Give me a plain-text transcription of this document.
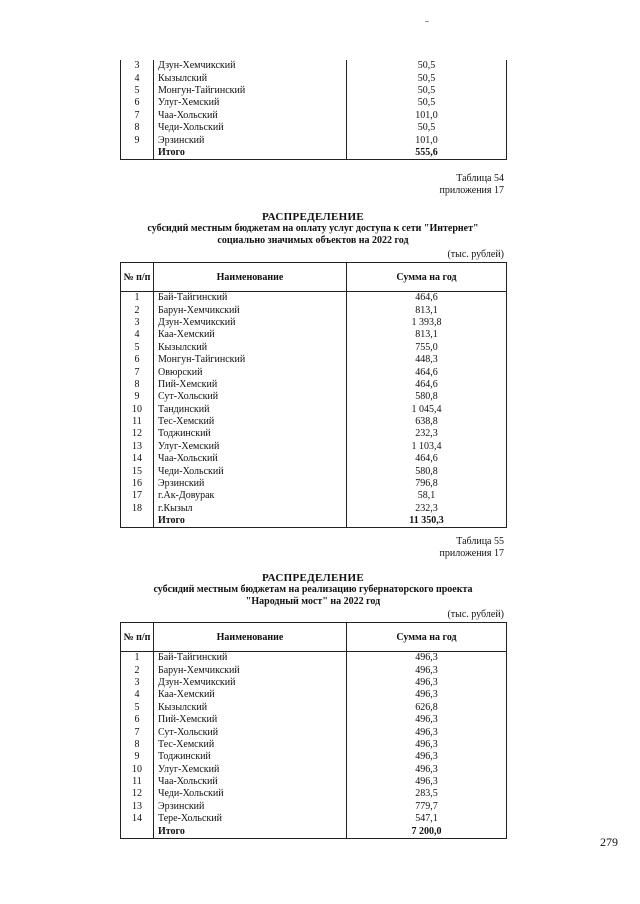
3	Дзун-Хемчикский	50,5
4	Кызылский	50,5
5	Монгун-Тайгинский	50,5
6	Улуг-Хемский	50,5
7	Чаа-Хольский	101,0
8	Чеди-Хольский	50,5
9	Эрзинский	101,0
	Итого	555,6
Таблица 54
приложения 17
РАСПРЕДЕЛЕНИЕ
субсидий местным бюджетам на оплату услуг доступа к сети "Интернет"
социально значимых объектов на 2022 год
(тыс. рублей)
№ п/п	Наименование	Сумма на год
1	Бай-Тайгинский	464,6
2	Барун-Хемчикский	813,1
3	Дзун-Хемчикский	1 393,8
4	Каа-Хемский	813,1
5	Кызылский	755,0
6	Монгун-Тайгинский	448,3
7	Овюрский	464,6
8	Пий-Хемский	464,6
9	Сут-Хольский	580,8
10	Тандинский	1 045,4
11	Тес-Хемский	638,8
12	Тоджинский	232,3
13	Улуг-Хемский	1 103,4
14	Чаа-Хольский	464,6
15	Чеди-Хольский	580,8
16	Эрзинский	796,8
17	г.Ак-Довурак	58,1
18	г.Кызыл	232,3
	Итого	11 350,3
Таблица 55
приложения 17
РАСПРЕДЕЛЕНИЕ
субсидий местным бюджетам на реализацию губернаторского проекта
"Народный мост" на 2022 год
(тыс. рублей)
№ п/п	Наименование	Сумма на год
1	Бай-Тайгинский	496,3
2	Барун-Хемчикский	496,3
3	Дзун-Хемчикский	496,3
4	Каа-Хемский	496,3
5	Кызылский	626,8
6	Пий-Хемский	496,3
7	Сут-Хольский	496,3
8	Тес-Хемский	496,3
9	Тоджинский	496,3
10	Улуг-Хемский	496,3
11	Чаа-Хольский	496,3
12	Чеди-Хольский	283,5
13	Эрзинский	779,7
14	Тере-Хольский	547,1
	Итого	7 200,0
279
